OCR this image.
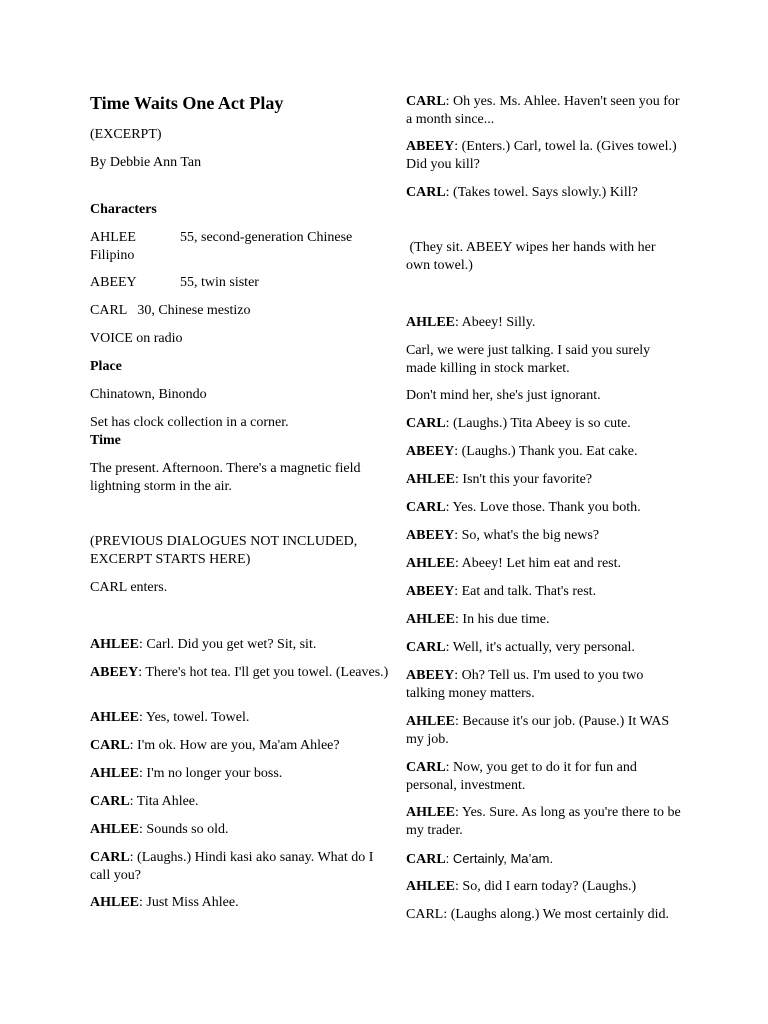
Time Waits One Act Play

(EXCERPT)

By Debbie Ann Tan

Characters

AHLEE	55, second-generation Chinese
Filipino

ABEEY	55, twin sister

CARL   30, Chinese mestizo

VOICE on radio

Place

Chinatown, Binondo

Set has clock collection in a corner.

Time

The present. Afternoon. There's a magnetic field lightning storm in the air.

(PREVIOUS DIALOGUES NOT INCLUDED, EXCERPT STARTS HERE)

CARL enters.

AHLEE: Carl. Did you get wet? Sit, sit.

ABEEY: There's hot tea. I'll get you towel. (Leaves.)

AHLEE: Yes, towel. Towel.

CARL: I'm ok. How are you, Ma'am Ahlee?

AHLEE: I'm no longer your boss.

CARL: Tita Ahlee.

AHLEE: Sounds so old.

CARL: (Laughs.) Hindi kasi ako sanay. What do I call you?

AHLEE: Just Miss Ahlee.

CARL: Oh yes. Ms. Ahlee. Haven't seen you for a month since...

ABEEY: (Enters.) Carl, towel la. (Gives towel.) Did you kill?

CARL: (Takes towel. Says slowly.) Kill?

(They sit. ABEEY wipes her hands with her own towel.)

AHLEE: Abeey! Silly.

Carl, we were just talking. I said you surely made killing in stock market.

Don't mind her, she's just ignorant.

CARL: (Laughs.) Tita Abeey is so cute.

ABEEY: (Laughs.) Thank you. Eat cake.

AHLEE: Isn't this your favorite?

CARL: Yes. Love those. Thank you both.

ABEEY: So, what's the big news?

AHLEE: Abeey! Let him eat and rest.

ABEEY: Eat and talk. That's rest.

AHLEE: In his due time.

CARL: Well, it's actually, very personal.

ABEEY: Oh? Tell us. I'm used to you two talking money matters.

AHLEE: Because it's our job. (Pause.) It WAS my job.

CARL: Now, you get to do it for fun and personal, investment.

AHLEE: Yes. Sure. As long as you're there to be my trader.

CARL: Certainly, Ma’am.

AHLEE: So, did I earn today? (Laughs.)

CARL: (Laughs along.) We most certainly did.
